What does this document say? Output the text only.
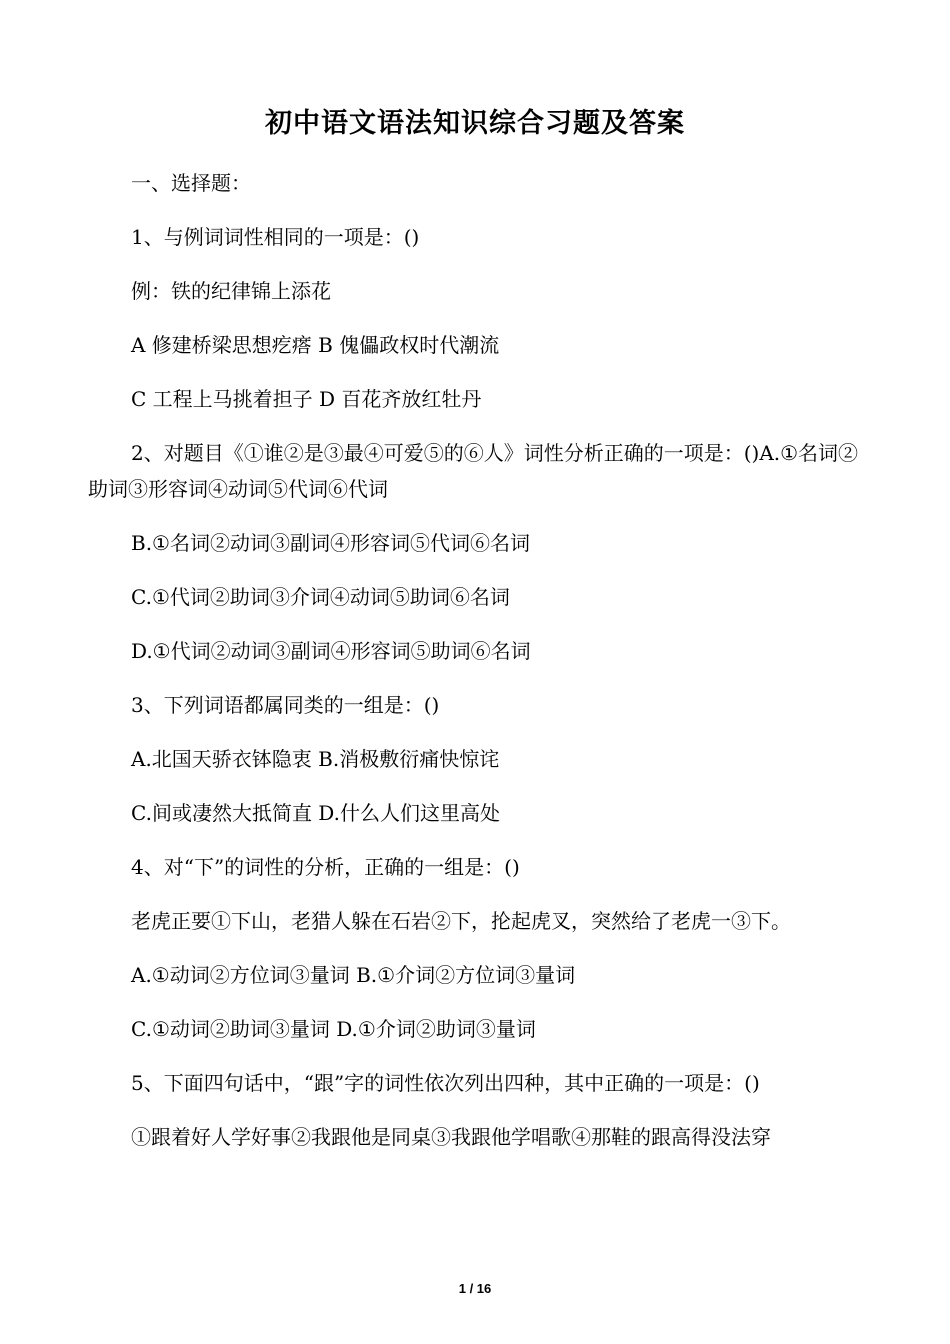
初中语文语法知识综合习题及答案

一、选择题：

1、与例词词性相同的一项是：()

例：铁的纪律锦上添花

A 修建桥梁思想疙瘩 B 傀儡政权时代潮流

C 工程上马挑着担子 D 百花齐放红牡丹

2、对题目《①谁②是③最④可爱⑤的⑥人》词性分析正确的一项是：()A.①名词②助词③形容词④动词⑤代词⑥代词

B.①名词②动词③副词④形容词⑤代词⑥名词

C.①代词②助词③介词④动词⑤助词⑥名词

D.①代词②动词③副词④形容词⑤助词⑥名词

3、下列词语都属同类的一组是：()

A.北国天骄衣钵隐衷 B.消极敷衍痛快惊诧

C.间或凄然大抵简直 D.什么人们这里高处

4、对“下”的词性的分析，正确的一组是：()

老虎正要①下山，老猎人躲在石岩②下，抡起虎叉，突然给了老虎一③下。

A.①动词②方位词③量词 B.①介词②方位词③量词

C.①动词②助词③量词 D.①介词②助词③量词

5、下面四句话中，“跟”字的词性依次列出四种，其中正确的一项是：()

①跟着好人学好事②我跟他是同桌③我跟他学唱歌④那鞋的跟高得没法穿

1 / 16
